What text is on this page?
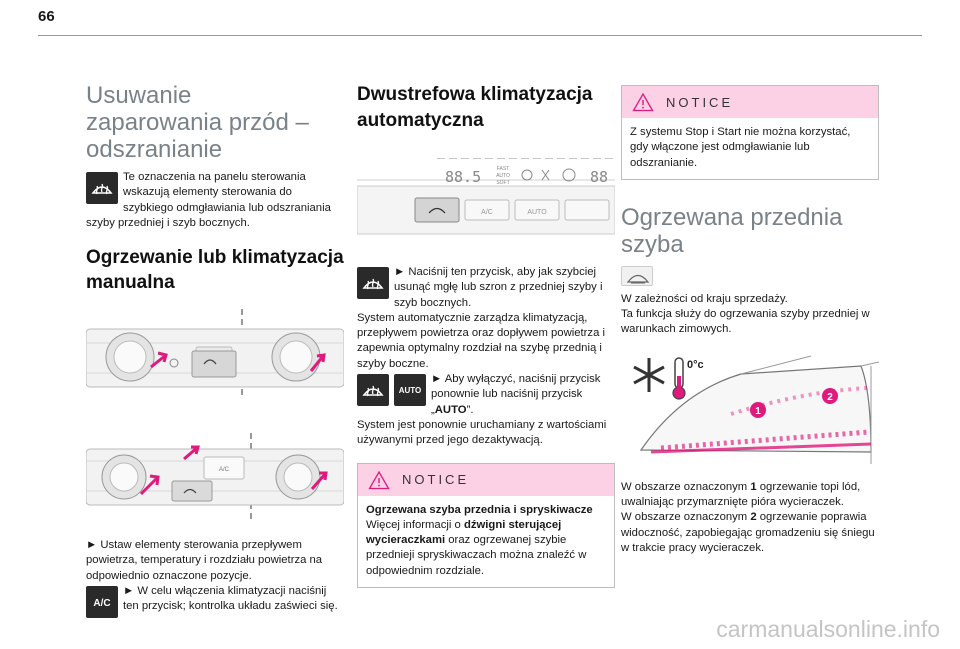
66
Usuwanie zaparowania przód – odszranianie
Te oznaczenia na panelu sterowania wskazują elementy sterowania do szybkiego odmgławiania lub odszraniania szyby przedniej i szyb bocznych.
Ogrzewanie lub klimatyzacja manualna
A/C
► Ustaw elementy sterowania przepływem powietrza, temperatury i rozdziału powietrza na odpowiednio oznaczone pozycje.
A/C
► W celu włączenia klimatyzacji naciśnij ten przycisk; kontrolka układu zaświeci się.
Dwustrefowa klimatyzacja automatyczna
88.5	FAST
AUTO
SOFT	88
A/C	AUTO
► Naciśnij ten przycisk, aby jak szybciej usunąć mgłę lub szron z przedniej szyby i szyb bocznych.
System automatycznie zarządza klimatyzacją, przepływem powietrza oraz dopływem powietrza i zapewnia optymalny rozdział na szybę przednią i szyby boczne.
AUTO
► Aby wyłączyć, naciśnij przycisk ponownie lub naciśnij przycisk „AUTO”.
System jest ponownie uruchamiany z wartościami używanymi przed jego dezaktywacją.
NOTICE
Ogrzewana szyba przednia i spryskiwacze
Więcej informacji o dźwigni sterującej wycieraczkami oraz ogrzewanej szybie przednieji spryskiwaczach można znaleźć w odpowiednim rozdziale.
NOTICE
Z systemu Stop i Start nie można korzystać, gdy włączone jest odmgławianie lub odszranianie.
Ogrzewana przednia szyba
W zależności od kraju sprzedaży.
Ta funkcja służy do ogrzewania szyby przedniej w warunkach zimowych.
0°c
1
2
W obszarze oznaczonym 1 ogrzewanie topi lód, uwalniając przymarznięte pióra wycieraczek.
W obszarze oznaczonym 2 ogrzewanie poprawia widoczność, zapobiegając gromadzeniu się śniegu w trakcie pracy wycieraczek.
carmanualsonline.info
